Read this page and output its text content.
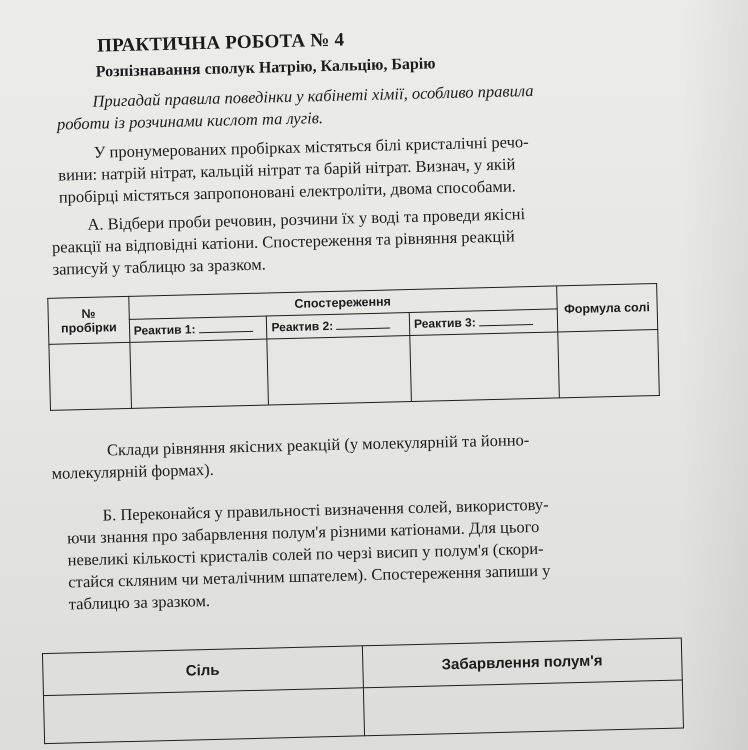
ПРАКТИЧНА РОБОТА № 4
Розпізнавання сполук Натрію, Кальцію, Барію

Пригадай правила поведінки у кабінеті хімії, особливо правила
роботи із розчинами кислот та лугів.

У пронумерованих пробірках містяться білі кристалічні речо-
вини: натрій нітрат, кальцій нітрат та барій нітрат. Визнач, у якій
пробірці містяться запропоновані електроліти, двома способами.

А. Відбери проби речовин, розчини їх у воді та проведи якісні
реакції на відповідні катіони. Спостереження та рівняння реакцій
записуй у таблицю за зразком.

№ пробірки	Спостереження			Формула солі
	Реактив 1:	Реактив 2:	Реактив 3:	

Склади рівняння якісних реакцій (у молекулярній та йонно-
молекулярній формах).

Б. Переконайся у правильності визначення солей, використову-
ючи знання про забарвлення полум'я різними катіонами. Для цього
невеликі кількості кристалів солей по черзі висип у полум'я (скори-
стайся скляним чи металічним шпателем). Спостереження запиши у
таблицю за зразком.

Сіль	Забарвлення полум'я
